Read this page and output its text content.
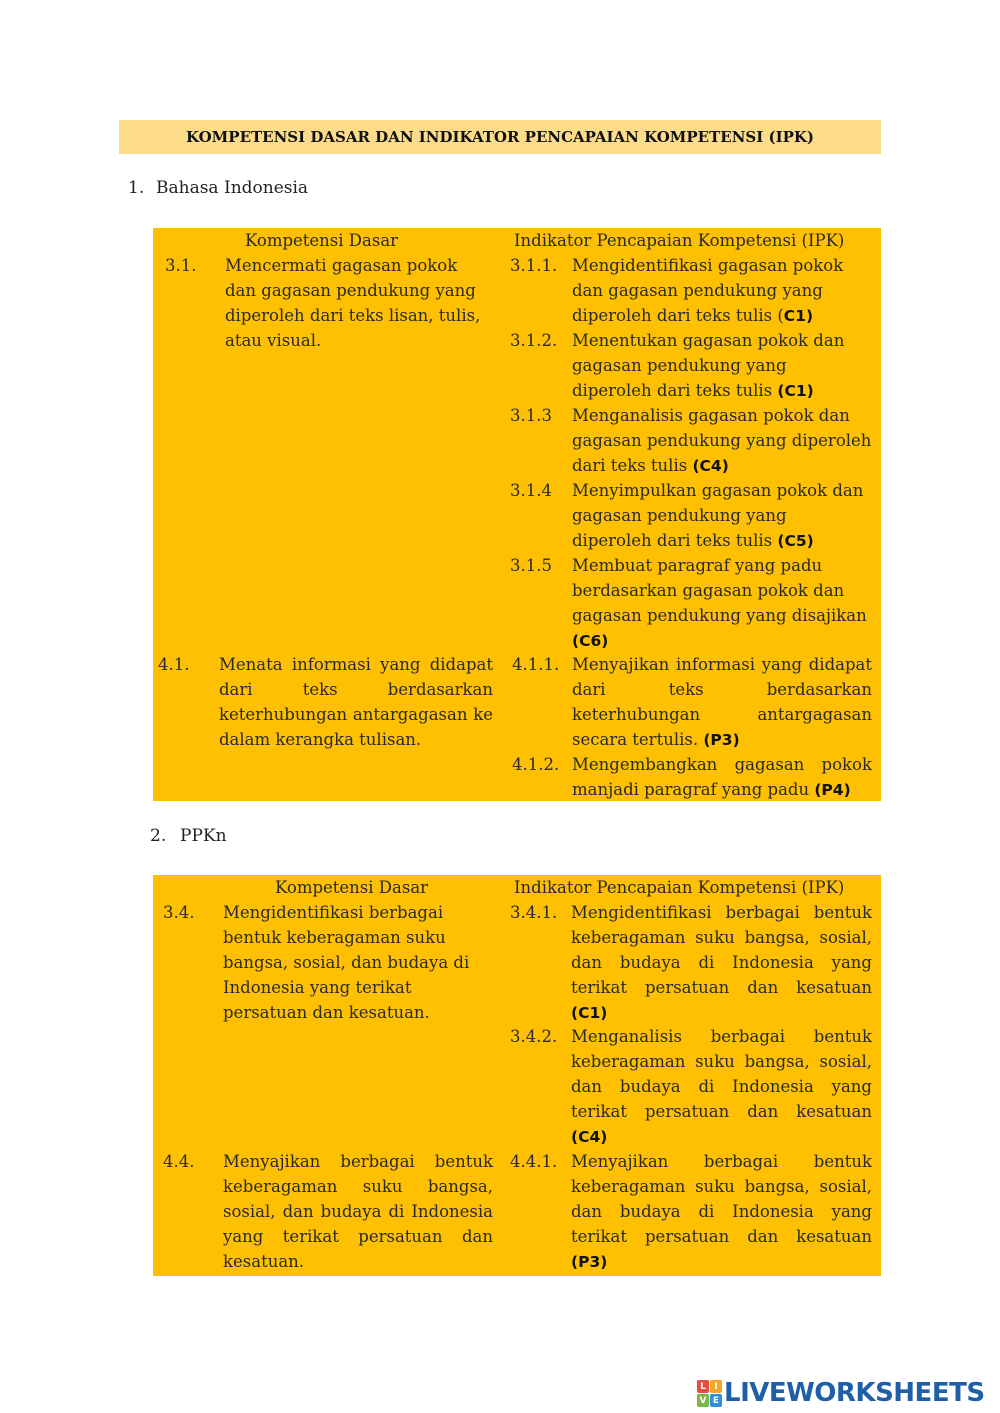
KOMPETENSI DASAR DAN INDIKATOR PENCAPAIAN KOMPETENSI (IPK)
1. Bahasa Indonesia
Kompetensi Dasar	Indikator Pencapaian Kompetensi (IPK)
3.1. Mencermati gagasan pokok dan gagasan pendukung yang diperoleh dari teks lisan, tulis, atau visual.
4.1. Menata informasi yang didapat dari teks berdasarkan keterhubungan antargagasan ke dalam kerangka tulisan.
3.1.1. Mengidentifikasi gagasan pokok dan gagasan pendukung yang diperoleh dari teks tulis (C1)
3.1.2. Menentukan gagasan pokok dan gagasan pendukung yang diperoleh dari teks tulis (C1)
3.1.3 Menganalisis gagasan pokok dan gagasan pendukung yang diperoleh dari teks tulis (C4)
3.1.4 Menyimpulkan gagasan pokok dan gagasan pendukung yang diperoleh dari teks tulis (C5)
3.1.5 Membuat paragraf yang padu berdasarkan gagasan pokok dan gagasan pendukung yang disajikan (C6)
4.1.1. Menyajikan informasi yang didapat dari teks berdasarkan keterhubungan antargagasan secara tertulis. (P3)
4.1.2. Mengembangkan gagasan pokok manjadi paragraf yang padu (P4)
2. PPKn
Kompetensi Dasar	Indikator Pencapaian Kompetensi (IPK)
3.4. Mengidentifikasi berbagai bentuk keberagaman suku bangsa, sosial, dan budaya di Indonesia yang terikat persatuan dan kesatuan.
4.4. Menyajikan berbagai bentuk keberagaman suku bangsa, sosial, dan budaya di Indonesia yang terikat persatuan dan kesatuan.
3.4.1. Mengidentifikasi berbagai bentuk keberagaman suku bangsa, sosial, dan budaya di Indonesia yang terikat persatuan dan kesatuan (C1)
3.4.2. Menganalisis berbagai bentuk keberagaman suku bangsa, sosial, dan budaya di Indonesia yang terikat persatuan dan kesatuan (C4)
4.4.1. Menyajikan berbagai bentuk keberagaman suku bangsa, sosial, dan budaya di Indonesia yang terikat persatuan dan kesatuan (P3)
L I
V E LIVEWORKSHEETS
